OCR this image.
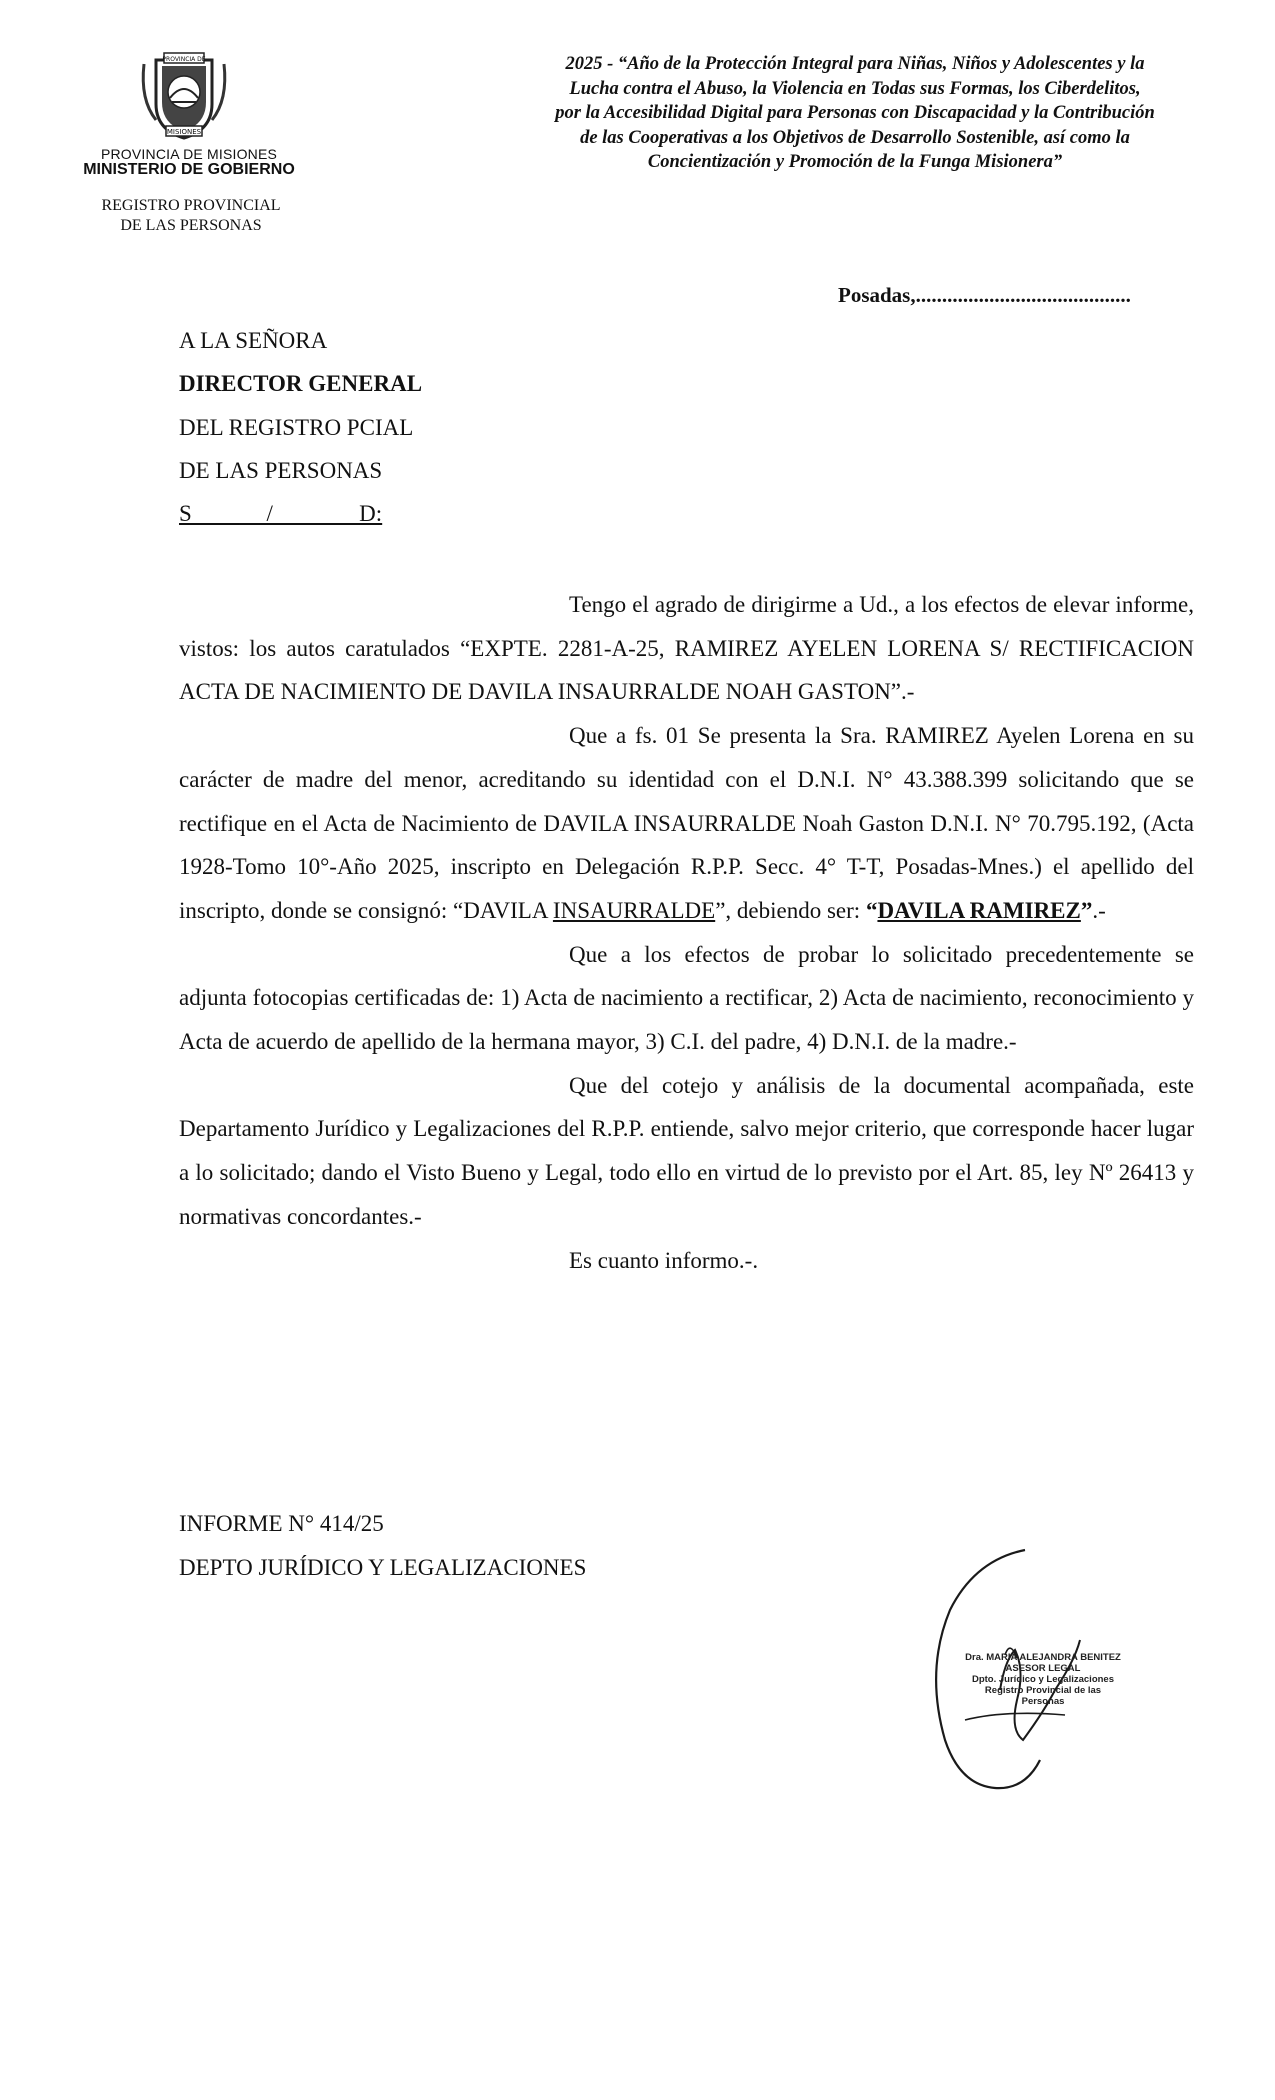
PROVINCIA DE
MISIONES
PROVINCIA DE MISIONES
MINISTERIO DE GOBIERNO
REGISTRO PROVINCIAL
DE LAS PERSONAS
2025 - “Año de la Protección Integral para Niñas, Niños y Adolescentes y la
Lucha contra el Abuso, la Violencia en Todas sus Formas, los Ciberdelitos,
por la Accesibilidad Digital para Personas con Discapacidad y la Contribución
de las Cooperativas a los Objetivos de Desarrollo Sostenible, así como la
Concientización y Promoción de la Funga Misionera”
Posadas,.........................................
A LA SEÑORA
DIRECTOR GENERAL
DEL REGISTRO PCIAL
DE LAS PERSONAS
S             /               D:

Tengo el agrado de dirigirme a Ud., a los efectos de elevar informe, vistos: los autos caratulados “EXPTE. 2281-A-25, RAMIREZ AYELEN LORENA S/ RECTIFICACION ACTA DE NACIMIENTO DE DAVILA INSAURRALDE NOAH GASTON”.-

Que a fs. 01 Se presenta la Sra. RAMIREZ Ayelen Lorena en su carácter de madre del menor, acreditando su identidad con el D.N.I. N° 43.388.399 solicitando que se rectifique en el Acta de Nacimiento de DAVILA INSAURRALDE Noah Gaston D.N.I. N° 70.795.192, (Acta 1928-Tomo 10°-Año 2025, inscripto en Delegación R.P.P. Secc. 4° T-T, Posadas-Mnes.) el apellido del inscripto, donde se consignó: “DAVILA INSAURRALDE”, debiendo ser: “DAVILA RAMIREZ”.-

Que a los efectos de probar lo solicitado precedentemente se adjunta fotocopias certificadas de: 1) Acta de nacimiento a rectificar, 2) Acta de nacimiento, reconocimiento y Acta de acuerdo de apellido de la hermana mayor, 3) C.I. del padre, 4) D.N.I. de la madre.-

Que del cotejo y análisis de la documental acompañada, este Departamento Jurídico y Legalizaciones del R.P.P. entiende, salvo mejor criterio, que corresponde hacer lugar a lo solicitado; dando el Visto Bueno y Legal, todo ello en virtud de lo previsto por el Art. 85, ley Nº 26413 y normativas concordantes.-

Es cuanto informo.-.

INFORME N° 414/25
DEPTO JURÍDICO Y LEGALIZACIONES
Dra. MARIA ALEJANDRA BENITEZ
ASESOR LEGAL
Dpto. Jurídico y Legalizaciones
Registro Provincial de las Personas
